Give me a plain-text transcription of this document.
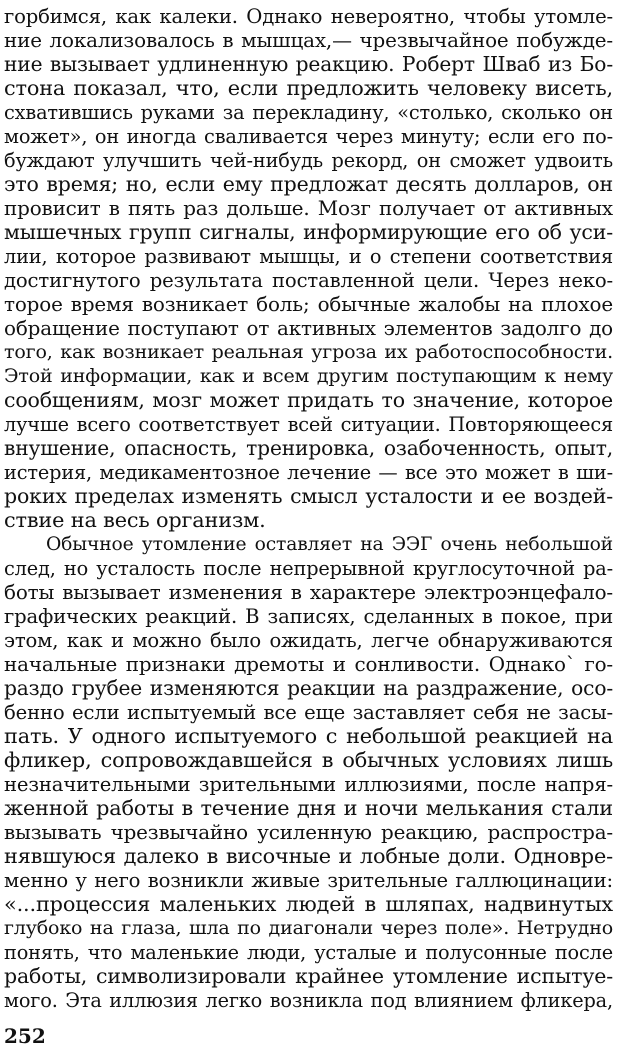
горбимся, как калеки. Однако невероятно, чтобы утомле-
ние локализовалось в мышцах,— чрезвычайное побужде-
ние вызывает удлиненную реакцию. Роберт Шваб из Бо-
стона показал, что, если предложить человеку висеть,
схватившись руками за перекладину, «столько, сколько он
может», он иногда сваливается через минуту; если его по-
буждают улучшить чей-нибудь рекорд, он сможет удвоить
это время; но, если ему предложат десять долларов, он
провисит в пять раз дольше. Мозг получает от активных
мышечных групп сигналы, информирующие его об уси-
лии, которое развивают мышцы, и о степени соответствия
достигнутого результата поставленной цели. Через неко-
торое время возникает боль; обычные жалобы на плохое
обращение поступают от активных элементов задолго до
того, как возникает реальная угроза их работоспособности.
Этой информации, как и всем другим поступающим к нему
сообщениям, мозг может придать то значение, которое
лучше всего соответствует всей ситуации. Повторяющееся
внушение, опасность, тренировка, озабоченность, опыт,
истерия, медикаментозное лечение — все это может в ши-
роких пределах изменять смысл усталости и ее воздей-
ствие на весь организм.
Обычное утомление оставляет на ЭЭГ очень небольшой
след, но усталость после непрерывной круглосуточной ра-
боты вызывает изменения в характере электроэнцефало-
графических реакций. В записях, сделанных в покое, при
этом, как и можно было ожидать, легче обнаруживаются
начальные признаки дремоты и сонливости. Однако` го-
раздо грубее изменяются реакции на раздражение, осо-
бенно если испытуемый все еще заставляет себя не засы-
пать. У одного испытуемого с небольшой реакцией на
фликер, сопровождавшейся в обычных условиях лишь
незначительными зрительными иллюзиями, после напря-
женной работы в течение дня и ночи мелькания стали
вызывать чрезвычайно усиленную реакцию, распростра-
нявшуюся далеко в височные и лобные доли. Одновре-
менно у него возникли живые зрительные галлюцинации:
«...процессия маленьких людей в шляпах, надвинутых
глубоко на глаза, шла по диагонали через поле». Нетрудно
понять, что маленькие люди, усталые и полусонные после
работы, символизировали крайнее утомление испытуе-
мого. Эта иллюзия легко возникла под влиянием фликера,
252
